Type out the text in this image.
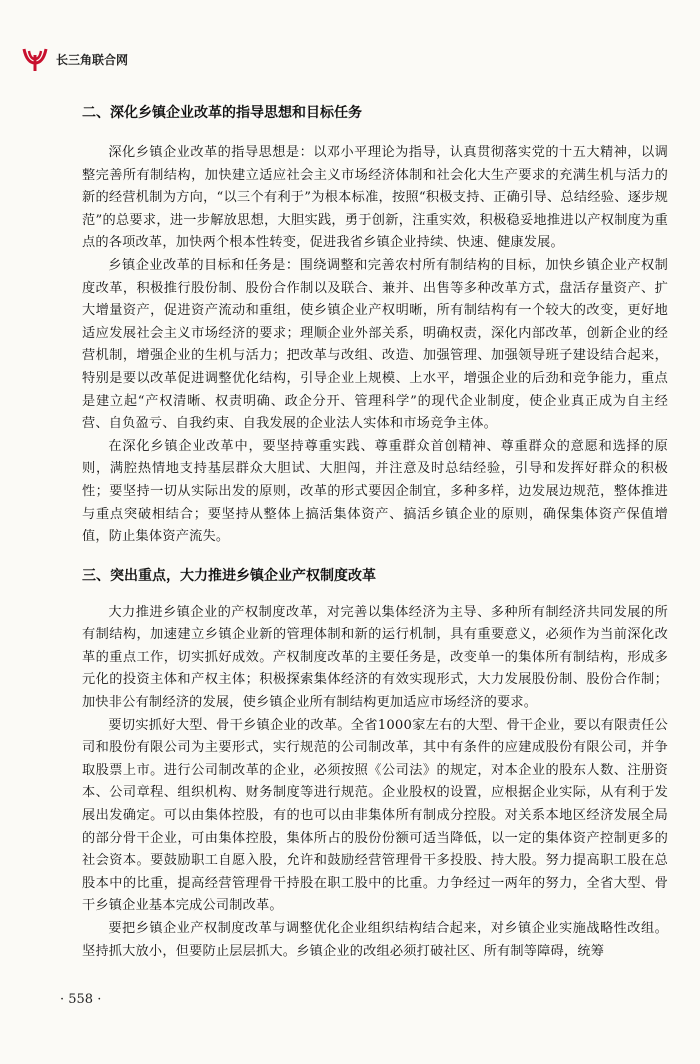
长三角联合网
二、深化乡镇企业改革的指导思想和目标任务

深化乡镇企业改革的指导思想是：以邓小平理论为指导，认真贯彻落实党的十五大精神，以调整完善所有制结构，加快建立适应社会主义市场经济体制和社会化大生产要求的充满生机与活力的新的经营机制为方向，“以三个有利于”为根本标准，按照“积极支持、正确引导、总结经验、逐步规范”的总要求，进一步解放思想，大胆实践，勇于创新，注重实效，积极稳妥地推进以产权制度为重点的各项改革，加快两个根本性转变，促进我省乡镇企业持续、快速、健康发展。

乡镇企业改革的目标和任务是：围绕调整和完善农村所有制结构的目标，加快乡镇企业产权制度改革，积极推行股份制、股份合作制以及联合、兼并、出售等多种改革方式，盘活存量资产、扩大增量资产，促进资产流动和重组，使乡镇企业产权明晰，所有制结构有一个较大的改变，更好地适应发展社会主义市场经济的要求；理顺企业外部关系，明确权责，深化内部改革，创新企业的经营机制，增强企业的生机与活力；把改革与改组、改造、加强管理、加强领导班子建设结合起来，特别是要以改革促进调整优化结构，引导企业上规模、上水平，增强企业的后劲和竞争能力，重点是建立起“产权清晰、权责明确、政企分开、管理科学”的现代企业制度，使企业真正成为自主经营、自负盈亏、自我约束、自我发展的企业法人实体和市场竞争主体。

在深化乡镇企业改革中，要坚持尊重实践、尊重群众首创精神、尊重群众的意愿和选择的原则，满腔热情地支持基层群众大胆试、大胆闯，并注意及时总结经验，引导和发挥好群众的积极性；要坚持一切从实际出发的原则，改革的形式要因企制宜，多种多样，边发展边规范，整体推进与重点突破相结合；要坚持从整体上搞活集体资产、搞活乡镇企业的原则，确保集体资产保值增值，防止集体资产流失。

三、突出重点，大力推进乡镇企业产权制度改革

大力推进乡镇企业的产权制度改革，对完善以集体经济为主导、多种所有制经济共同发展的所有制结构，加速建立乡镇企业新的管理体制和新的运行机制，具有重要意义，必须作为当前深化改革的重点工作，切实抓好成效。产权制度改革的主要任务是，改变单一的集体所有制结构，形成多元化的投资主体和产权主体；积极探索集体经济的有效实现形式，大力发展股份制、股份合作制；加快非公有制经济的发展，使乡镇企业所有制结构更加适应市场经济的要求。

要切实抓好大型、骨干乡镇企业的改革。全省1000家左右的大型、骨干企业，要以有限责任公司和股份有限公司为主要形式，实行规范的公司制改革，其中有条件的应建成股份有限公司，并争取股票上市。进行公司制改革的企业，必须按照《公司法》的规定，对本企业的股东人数、注册资本、公司章程、组织机构、财务制度等进行规范。企业股权的设置，应根据企业实际，从有利于发展出发确定。可以由集体控股，有的也可以由非集体所有制成分控股。对关系本地区经济发展全局的部分骨干企业，可由集体控股，集体所占的股份份额可适当降低，以一定的集体资产控制更多的社会资本。要鼓励职工自愿入股，允许和鼓励经营管理骨干多投股、持大股。努力提高职工股在总股本中的比重，提高经营管理骨干持股在职工股中的比重。力争经过一两年的努力，全省大型、骨干乡镇企业基本完成公司制改革。

要把乡镇企业产权制度改革与调整优化企业组织结构结合起来，对乡镇企业实施战略性改组。坚持抓大放小，但要防止层层抓大。乡镇企业的改组必须打破社区、所有制等障碍，统筹

· 558 ·
